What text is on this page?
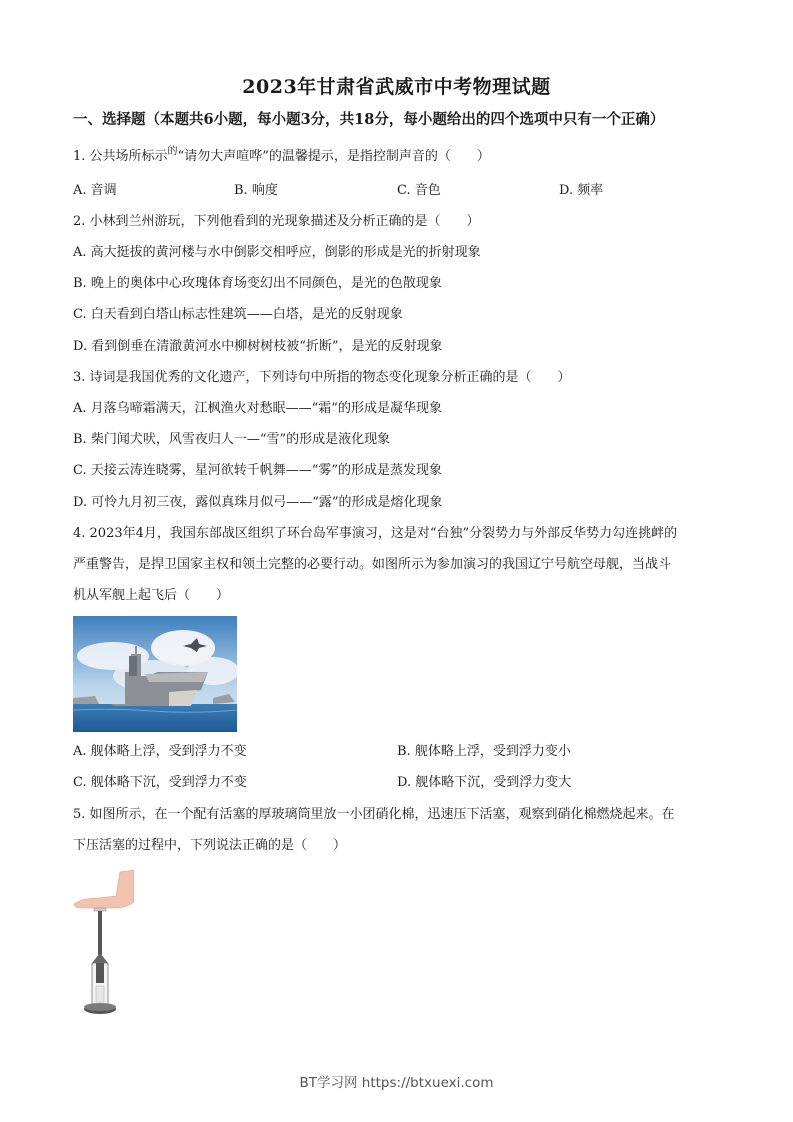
2023年甘肃省武威市中考物理试题
一、选择题（本题共6小题，每小题3分，共18分，每小题给出的四个选项中只有一个正确）
1. 公共场所标示$^的$“请勿大声喧哗”的温馨提示，是指控制声音的（　　）
A. 音调	B. 响度	C. 音色	D. 频率
2. 小林到兰州游玩，下列他看到的光现象描述及分析正确的是（　　）
A. 高大挺拔的黄河楼与水中倒影交相呼应，倒影的形成是光的折射现象
B. 晚上的奥体中心玫瑰体育场变幻出不同颜色，是光的色散现象
C. 白天看到白塔山标志性建筑——白塔，是光的反射现象
D. 看到倒垂在清澈黄河水中柳树树枝被“折断”，是光的反射现象
3. 诗词是我国优秀的文化遗产，下列诗句中所指的物态变化现象分析正确的是（　　）
A. 月落乌啼霜满天，江枫渔火对愁眠——“霜”的形成是凝华现象
B. 柴门闻犬吠，风雪夜归人一—“雪”的形成是液化现象
C. 天接云涛连晓雾，星河欲转千帆舞——“雾”的形成是蒸发现象
D. 可怜九月初三夜，露似真珠月似弓——“露”的形成是熔化现象
4. 2023年4月，我国东部战区组织了环台岛军事演习，这是对“台独”分裂势力与外部反华势力勾连挑衅的
严重警告，是捍卫国家主权和领土完整的必要行动。如图所示为参加演习的我国辽宁号航空母舰，当战斗
机从军舰上起飞后（　　）
A. 舰体略上浮，受到浮力不变	B. 舰体略上浮，受到浮力变小
C. 舰体略下沉，受到浮力不变	D. 舰体略下沉，受到浮力变大
5. 如图所示，在一个配有活塞的厚玻璃筒里放一小团硝化棉，迅速压下活塞，观察到硝化棉燃烧起来。在
下压活塞的过程中，下列说法正确的是（　　）
BT学习网 https://btxuexi.com
